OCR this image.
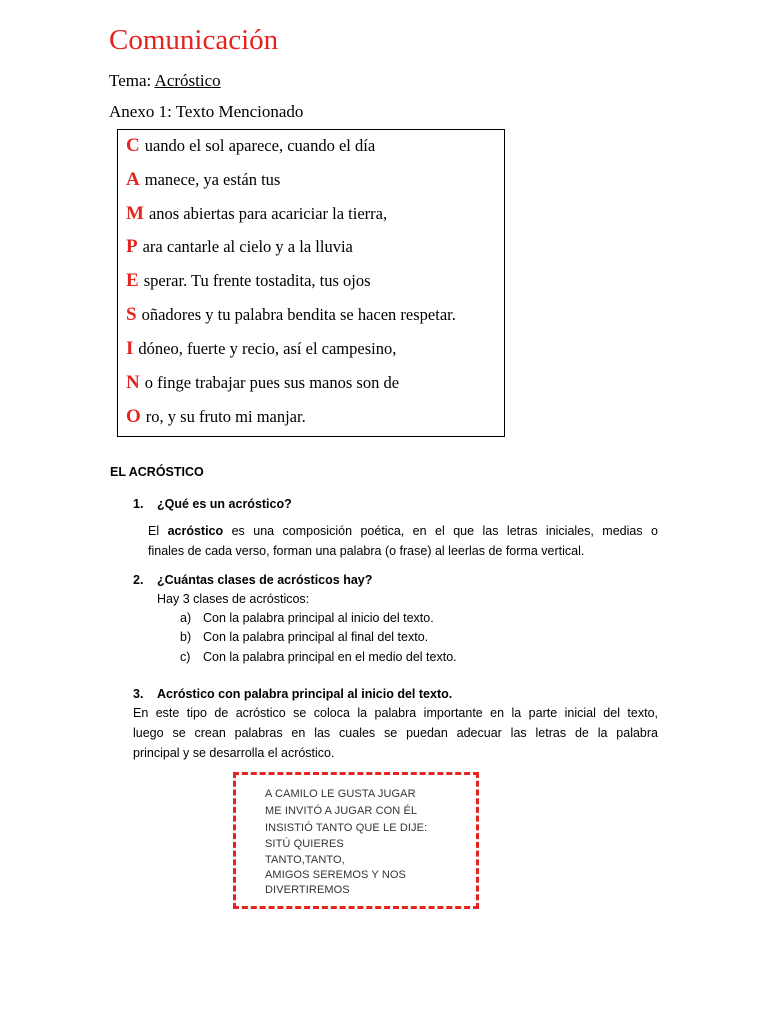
Comunicación
Tema: Acróstico
Anexo 1: Texto Mencionado
C uando el sol aparece, cuando el día
A manece, ya están tus
M anos abiertas para acariciar la tierra,
P ara cantarle al cielo y a la lluvia
E sperar. Tu frente tostadita, tus ojos
S oñadores y tu palabra bendita se hacen respetar.
I dóneo, fuerte y recio, así el campesino,
N o finge trabajar pues sus manos son de
O ro, y su fruto mi manjar.
EL ACRÓSTICO
1. ¿Qué es un acróstico?
El acróstico es una composición poética, en el que las letras iniciales, medias o
finales de cada verso, forman una palabra (o frase) al leerlas de forma vertical.
2. ¿Cuántas clases de acrósticos hay?
Hay 3 clases de acrósticos:
a) Con la palabra principal al inicio del texto.
b) Con la palabra principal al final del texto.
c) Con la palabra principal en el medio del texto.
3. Acróstico con palabra principal al inicio del texto.
En este tipo de acróstico se coloca la palabra importante en la parte inicial del texto,
luego se crean palabras en las cuales se puedan adecuar las letras de la palabra
principal y se desarrolla el acróstico.
A CAMILO LE GUSTA JUGAR
ME INVITÓ A JUGAR CON ÉL
INSISTIÓ TANTO QUE LE DIJE:
SITÚ QUIERES
TANTO,TANTO,
AMIGOS SEREMOS Y NOS
DIVERTIREMOS
